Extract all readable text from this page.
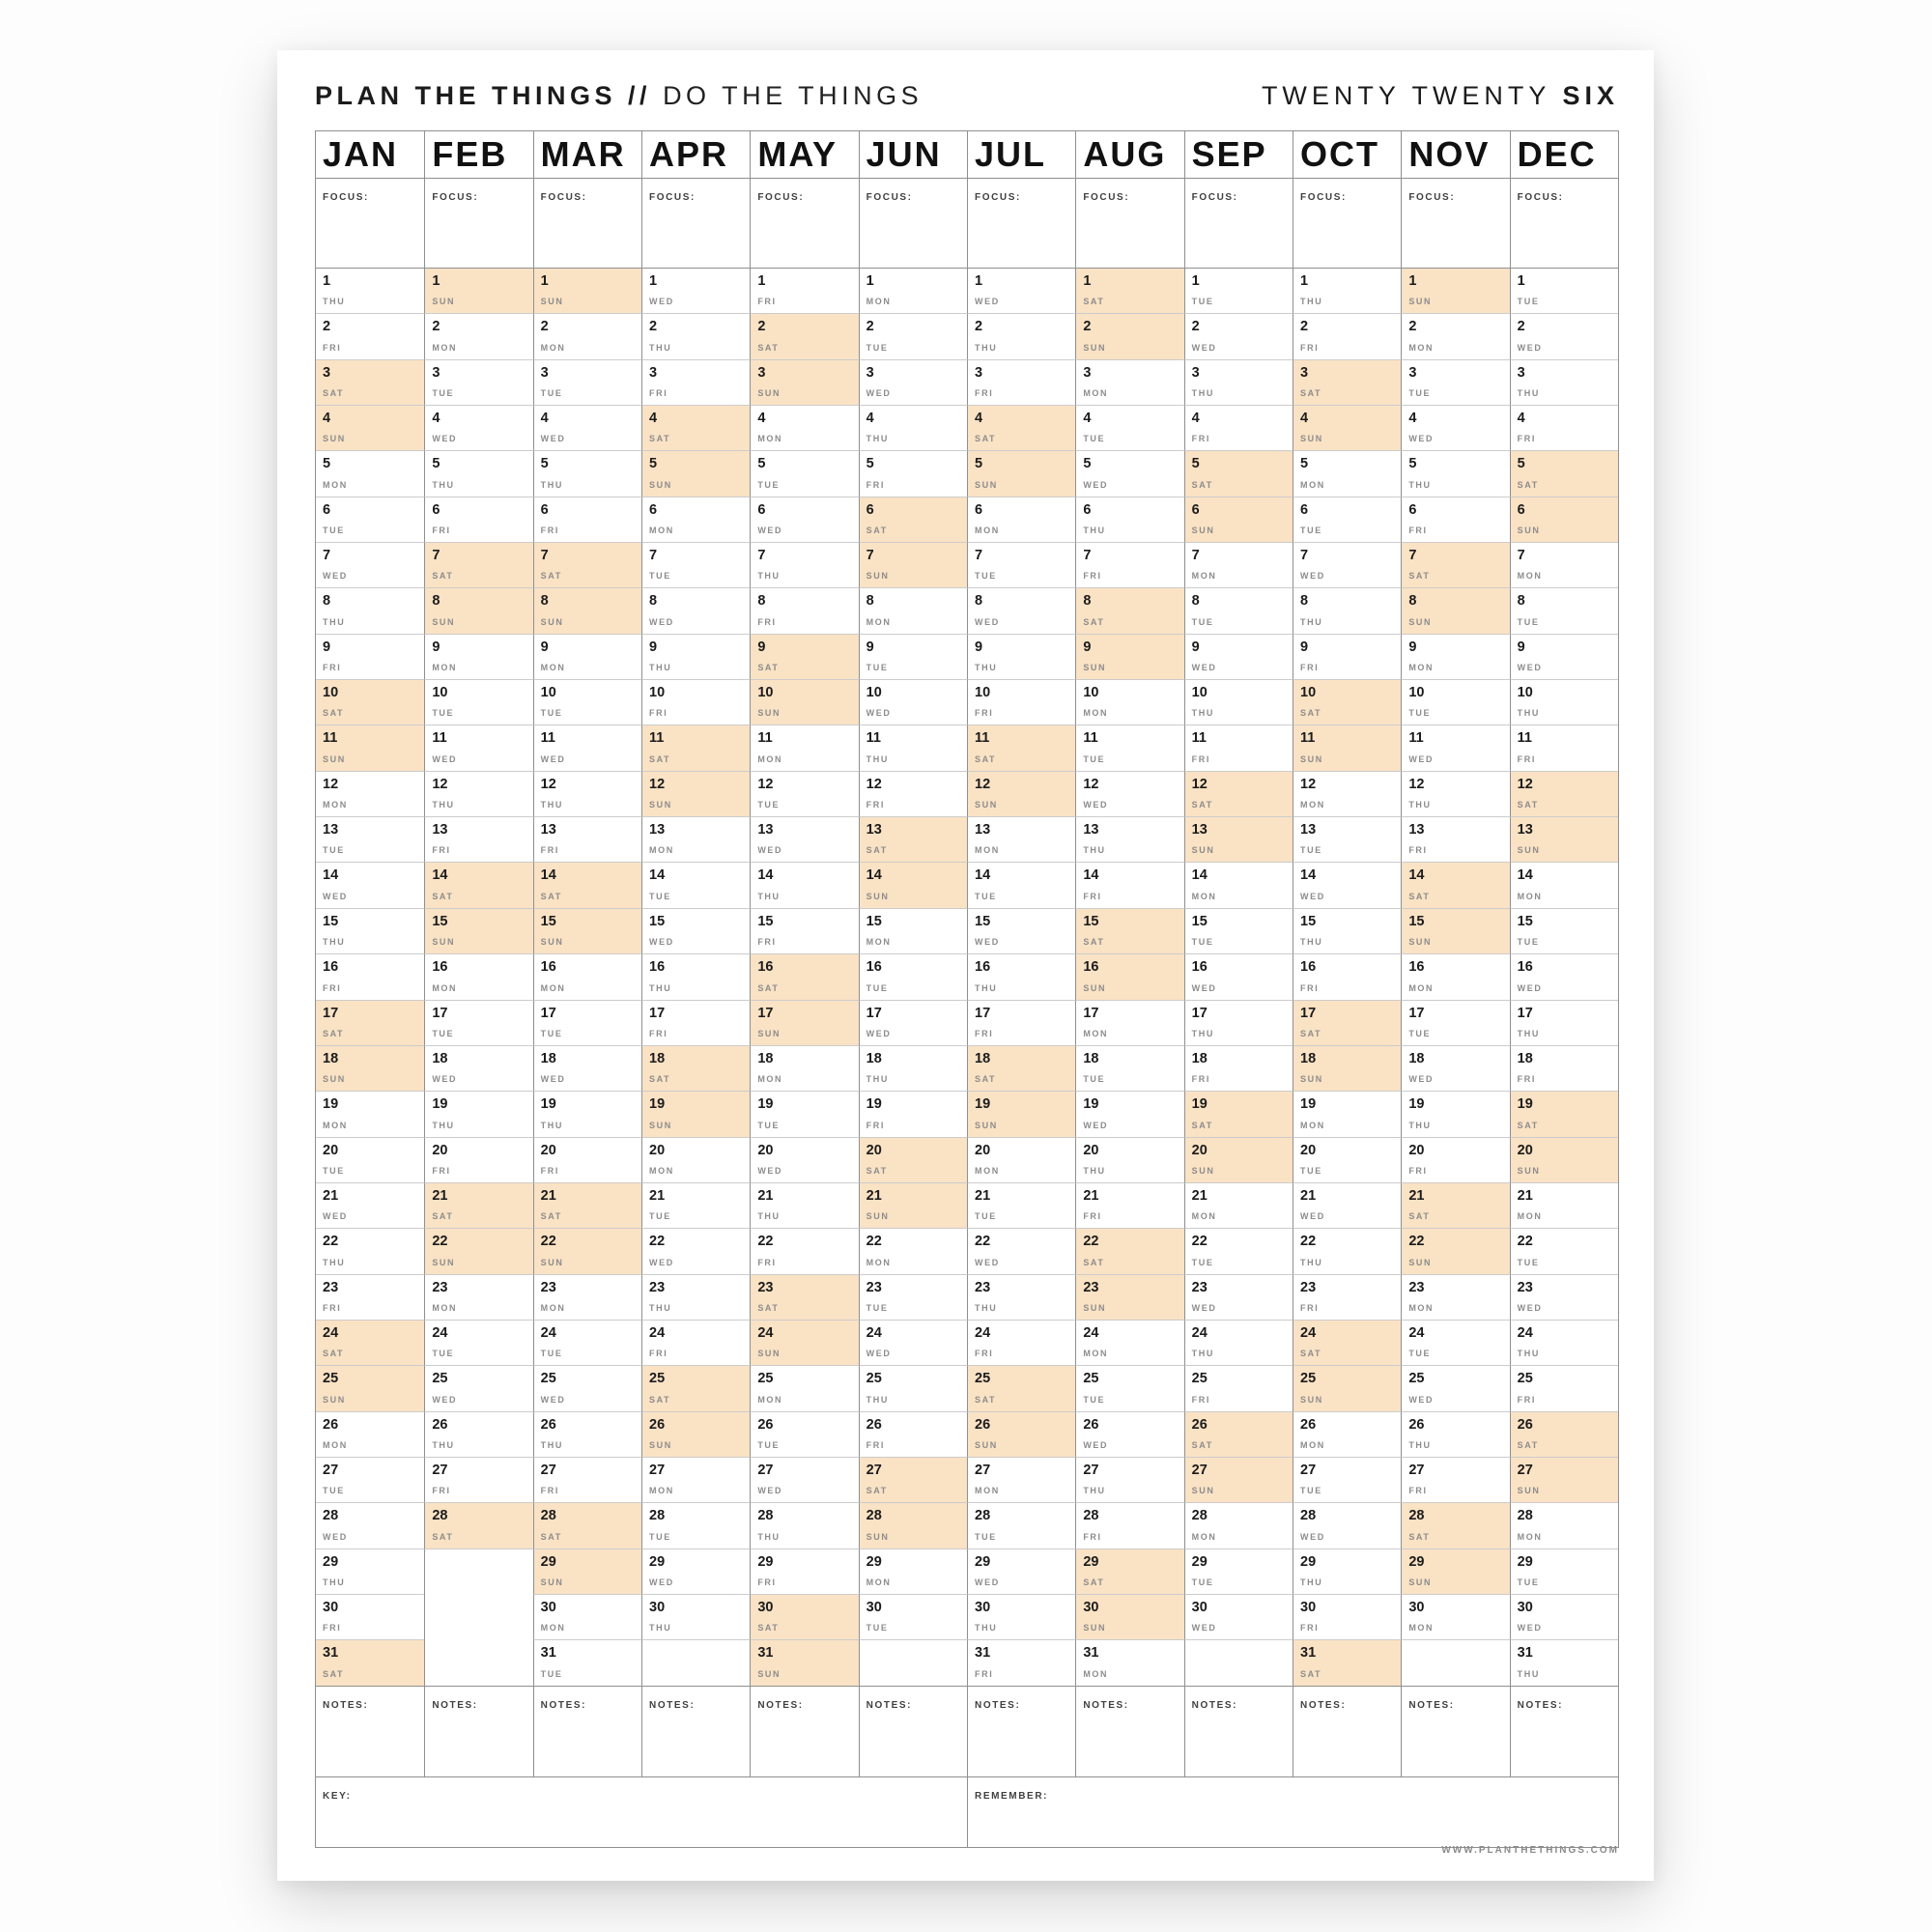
PLAN THE THINGS // DO THE THINGS	TWENTY TWENTY SIX
JAN
FOCUS:
1
THU
2
FRI
3
SAT
4
SUN
5
MON
6
TUE
7
WED
8
THU
9
FRI
10
SAT
11
SUN
12
MON
13
TUE
14
WED
15
THU
16
FRI
17
SAT
18
SUN
19
MON
20
TUE
21
WED
22
THU
23
FRI
24
SAT
25
SUN
26
MON
27
TUE
28
WED
29
THU
30
FRI
31
SAT
NOTES:
FEB
FOCUS:
1
SUN
2
MON
3
TUE
4
WED
5
THU
6
FRI
7
SAT
8
SUN
9
MON
10
TUE
11
WED
12
THU
13
FRI
14
SAT
15
SUN
16
MON
17
TUE
18
WED
19
THU
20
FRI
21
SAT
22
SUN
23
MON
24
TUE
25
WED
26
THU
27
FRI
28
SAT
NOTES:
MAR
FOCUS:
1
SUN
2
MON
3
TUE
4
WED
5
THU
6
FRI
7
SAT
8
SUN
9
MON
10
TUE
11
WED
12
THU
13
FRI
14
SAT
15
SUN
16
MON
17
TUE
18
WED
19
THU
20
FRI
21
SAT
22
SUN
23
MON
24
TUE
25
WED
26
THU
27
FRI
28
SAT
29
SUN
30
MON
31
TUE
NOTES:
APR
FOCUS:
1
WED
2
THU
3
FRI
4
SAT
5
SUN
6
MON
7
TUE
8
WED
9
THU
10
FRI
11
SAT
12
SUN
13
MON
14
TUE
15
WED
16
THU
17
FRI
18
SAT
19
SUN
20
MON
21
TUE
22
WED
23
THU
24
FRI
25
SAT
26
SUN
27
MON
28
TUE
29
WED
30
THU
NOTES:
MAY
FOCUS:
1
FRI
2
SAT
3
SUN
4
MON
5
TUE
6
WED
7
THU
8
FRI
9
SAT
10
SUN
11
MON
12
TUE
13
WED
14
THU
15
FRI
16
SAT
17
SUN
18
MON
19
TUE
20
WED
21
THU
22
FRI
23
SAT
24
SUN
25
MON
26
TUE
27
WED
28
THU
29
FRI
30
SAT
31
SUN
NOTES:
JUN
FOCUS:
1
MON
2
TUE
3
WED
4
THU
5
FRI
6
SAT
7
SUN
8
MON
9
TUE
10
WED
11
THU
12
FRI
13
SAT
14
SUN
15
MON
16
TUE
17
WED
18
THU
19
FRI
20
SAT
21
SUN
22
MON
23
TUE
24
WED
25
THU
26
FRI
27
SAT
28
SUN
29
MON
30
TUE
NOTES:
JUL
FOCUS:
1
WED
2
THU
3
FRI
4
SAT
5
SUN
6
MON
7
TUE
8
WED
9
THU
10
FRI
11
SAT
12
SUN
13
MON
14
TUE
15
WED
16
THU
17
FRI
18
SAT
19
SUN
20
MON
21
TUE
22
WED
23
THU
24
FRI
25
SAT
26
SUN
27
MON
28
TUE
29
WED
30
THU
31
FRI
NOTES:
AUG
FOCUS:
1
SAT
2
SUN
3
MON
4
TUE
5
WED
6
THU
7
FRI
8
SAT
9
SUN
10
MON
11
TUE
12
WED
13
THU
14
FRI
15
SAT
16
SUN
17
MON
18
TUE
19
WED
20
THU
21
FRI
22
SAT
23
SUN
24
MON
25
TUE
26
WED
27
THU
28
FRI
29
SAT
30
SUN
31
MON
NOTES:
SEP
FOCUS:
1
TUE
2
WED
3
THU
4
FRI
5
SAT
6
SUN
7
MON
8
TUE
9
WED
10
THU
11
FRI
12
SAT
13
SUN
14
MON
15
TUE
16
WED
17
THU
18
FRI
19
SAT
20
SUN
21
MON
22
TUE
23
WED
24
THU
25
FRI
26
SAT
27
SUN
28
MON
29
TUE
30
WED
NOTES:
OCT
FOCUS:
1
THU
2
FRI
3
SAT
4
SUN
5
MON
6
TUE
7
WED
8
THU
9
FRI
10
SAT
11
SUN
12
MON
13
TUE
14
WED
15
THU
16
FRI
17
SAT
18
SUN
19
MON
20
TUE
21
WED
22
THU
23
FRI
24
SAT
25
SUN
26
MON
27
TUE
28
WED
29
THU
30
FRI
31
SAT
NOTES:
NOV
FOCUS:
1
SUN
2
MON
3
TUE
4
WED
5
THU
6
FRI
7
SAT
8
SUN
9
MON
10
TUE
11
WED
12
THU
13
FRI
14
SAT
15
SUN
16
MON
17
TUE
18
WED
19
THU
20
FRI
21
SAT
22
SUN
23
MON
24
TUE
25
WED
26
THU
27
FRI
28
SAT
29
SUN
30
MON
NOTES:
DEC
FOCUS:
1
TUE
2
WED
3
THU
4
FRI
5
SAT
6
SUN
7
MON
8
TUE
9
WED
10
THU
11
FRI
12
SAT
13
SUN
14
MON
15
TUE
16
WED
17
THU
18
FRI
19
SAT
20
SUN
21
MON
22
TUE
23
WED
24
THU
25
FRI
26
SAT
27
SUN
28
MON
29
TUE
30
WED
31
THU
NOTES:
KEY:	REMEMBER:
WWW.PLANTHETHINGS.COM
